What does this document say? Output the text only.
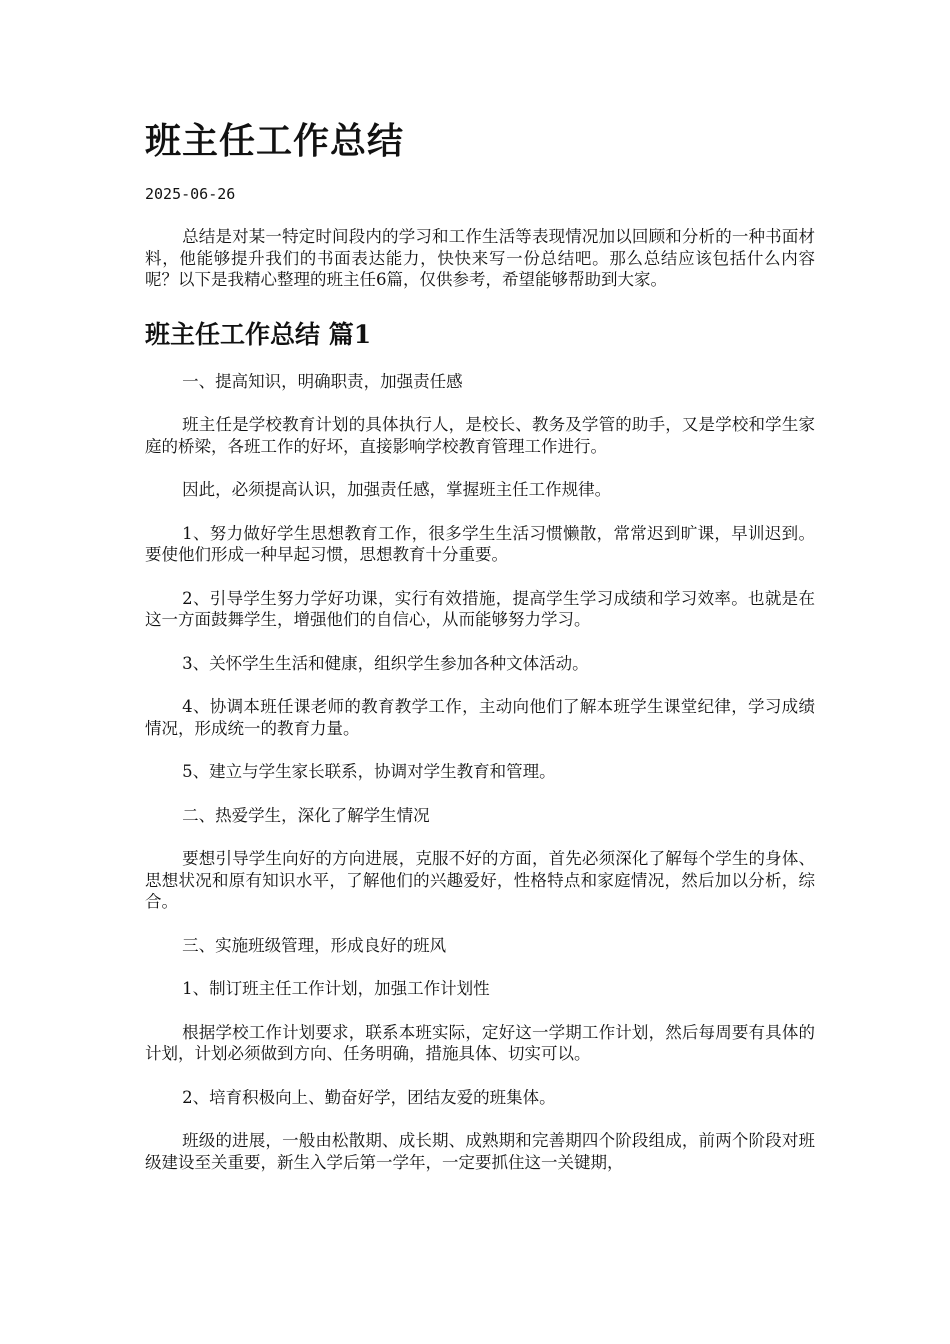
班主任工作总结
2025-06-26

总结是对某一特定时间段内的学习和工作生活等表现情况加以回顾和分析的一种书面材料，他能够提升我们的书面表达能力，快快来写一份总结吧。那么总结应该包括什么内容呢？以下是我精心整理的班主任6篇，仅供参考，希望能够帮助到大家。

班主任工作总结 篇1

一、提高知识，明确职责，加强责任感

班主任是学校教育计划的具体执行人，是校长、教务及学管的助手，又是学校和学生家庭的桥梁，各班工作的好坏，直接影响学校教育管理工作进行。

因此，必须提高认识，加强责任感，掌握班主任工作规律。

1、努力做好学生思想教育工作，很多学生生活习惯懒散，常常迟到旷课，早训迟到。要使他们形成一种早起习惯，思想教育十分重要。

2、引导学生努力学好功课，实行有效措施，提高学生学习成绩和学习效率。也就是在这一方面鼓舞学生，增强他们的自信心，从而能够努力学习。

3、关怀学生生活和健康，组织学生参加各种文体活动。

4、协调本班任课老师的教育教学工作，主动向他们了解本班学生课堂纪律，学习成绩情况，形成统一的教育力量。

5、建立与学生家长联系，协调对学生教育和管理。

二、热爱学生，深化了解学生情况

要想引导学生向好的方向进展，克服不好的方面，首先必须深化了解每个学生的身体、思想状况和原有知识水平，了解他们的兴趣爱好，性格特点和家庭情况，然后加以分析，综合。

三、实施班级管理，形成良好的班风

1、制订班主任工作计划，加强工作计划性

根据学校工作计划要求，联系本班实际，定好这一学期工作计划，然后每周要有具体的计划，计划必须做到方向、任务明确，措施具体、切实可以。

2、培育积极向上、勤奋好学，团结友爱的班集体。

班级的进展，一般由松散期、成长期、成熟期和完善期四个阶段组成，前两个阶段对班级建设至关重要，新生入学后第一学年，一定要抓住这一关键期，
